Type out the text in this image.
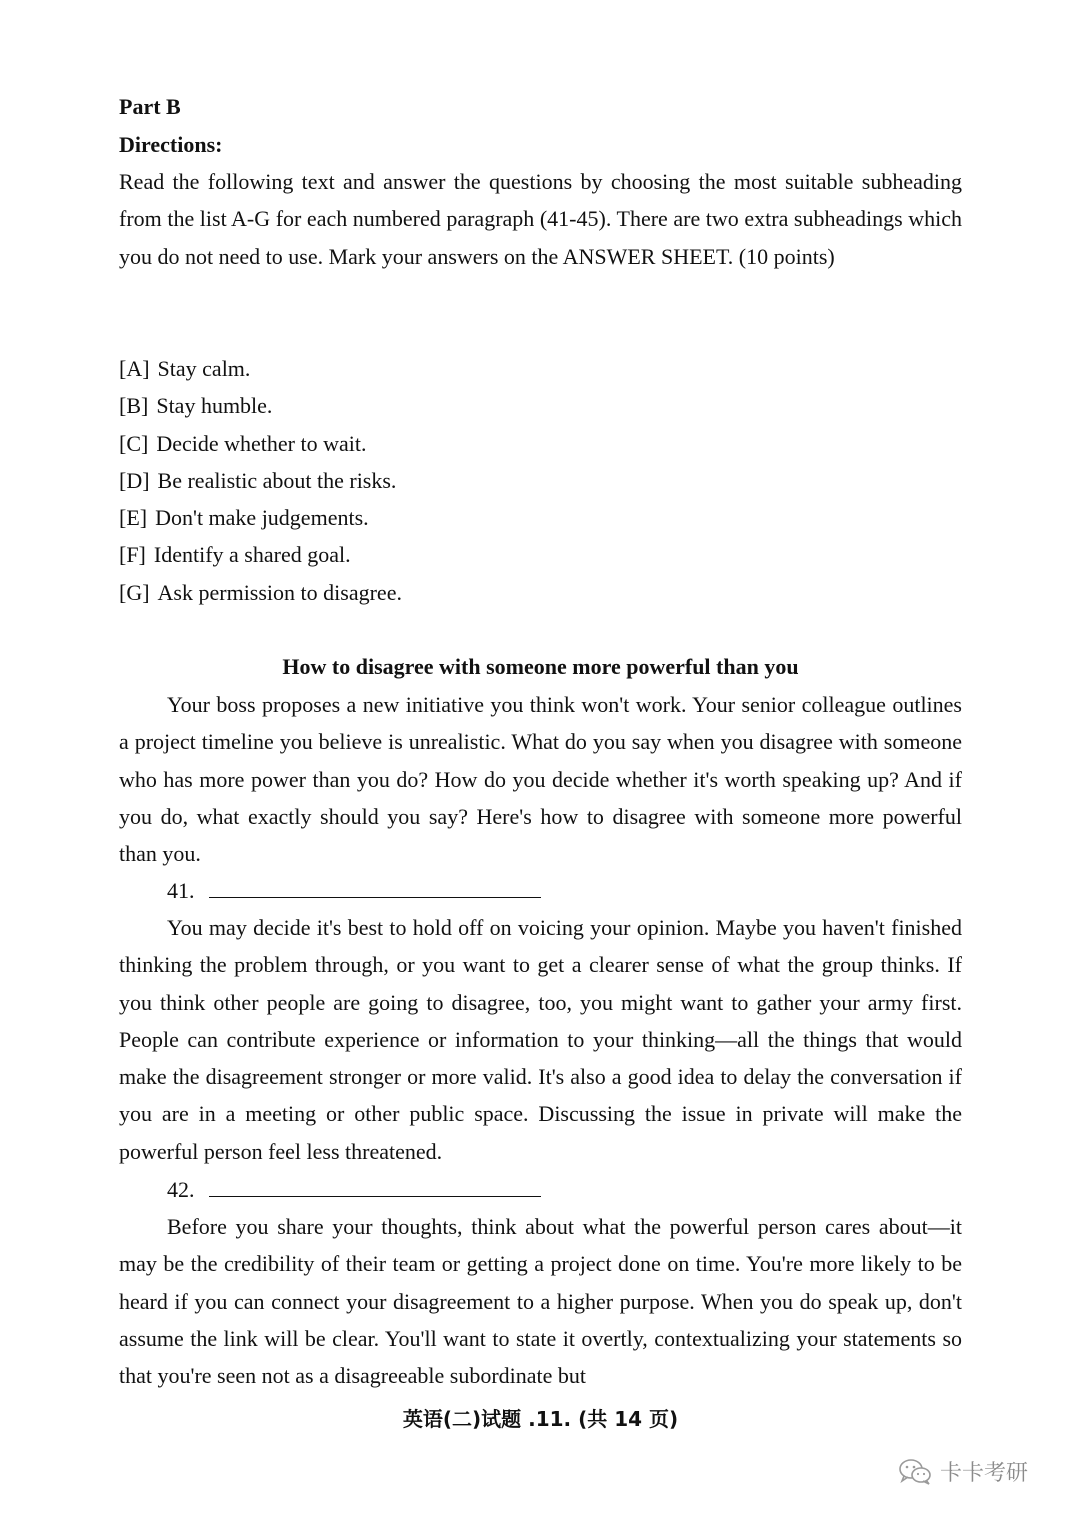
Part B
Directions:
Read the following text and answer the questions by choosing the most suitable subheading from the list A-G for each numbered paragraph (41-45). There are two extra subheadings which you do not need to use. Mark your answers on the ANSWER SHEET. (10 points)
[A] Stay calm.
[B] Stay humble.
[C] Decide whether to wait.
[D] Be realistic about the risks.
[E] Don't make judgements.
[F] Identify a shared goal.
[G] Ask permission to disagree.
How to disagree with someone more powerful than you

Your boss proposes a new initiative you think won't work. Your senior colleague outlines a project timeline you believe is unrealistic. What do you say when you disagree with someone who has more power than you do? How do you decide whether it's worth speaking up? And if you do, what exactly should you say? Here's how to disagree with someone more powerful than you.

41.

You may decide it's best to hold off on voicing your opinion. Maybe you haven't finished thinking the problem through, or you want to get a clearer sense of what the group thinks. If you think other people are going to disagree, too, you might want to gather your army first. People can contribute experience or information to your thinking—all the things that would make the disagreement stronger or more valid. It's also a good idea to delay the conversation if you are in a meeting or other public space. Discussing the issue in private will make the powerful person feel less threatened.

42.

Before you share your thoughts, think about what the powerful person cares about—it may be the credibility of their team or getting a project done on time. You're more likely to be heard if you can connect your disagreement to a higher purpose. When you do speak up, don't assume the link will be clear. You'll want to state it overtly, contextualizing your statements so that you're seen not as a disagreeable subordinate but

英语(二)试题 .11. (共 14 页)
卡卡考研
